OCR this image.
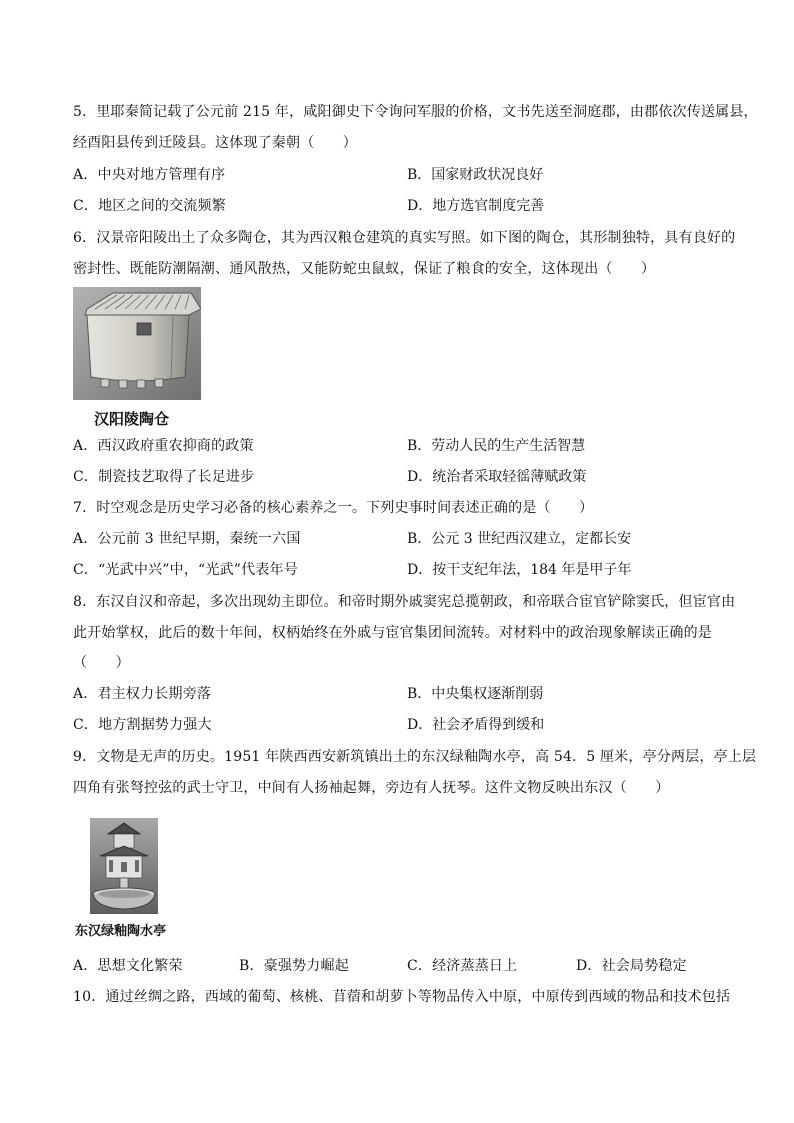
5．里耶秦简记载了公元前 215 年，咸阳御史下令询问军服的价格，文书先送至洞庭郡，由郡依次传送属县，
经酉阳县传到迁陵县。这体现了秦朝（　　）
A．中央对地方管理有序	B．国家财政状况良好
C．地区之间的交流频繁	D．地方选官制度完善
6．汉景帝阳陵出土了众多陶仓，其为西汉粮仓建筑的真实写照。如下图的陶仓，其形制独特，具有良好的
密封性、既能防潮隔潮、通风散热，又能防蛇虫鼠蚁，保证了粮食的安全，这体现出（　　）
汉阳陵陶仓
A．西汉政府重农抑商的政策	B．劳动人民的生产生活智慧
C．制瓷技艺取得了长足进步	D．统治者采取轻徭薄赋政策
7．时空观念是历史学习必备的核心素养之一。下列史事时间表述正确的是（　　）
A．公元前 3 世纪早期，秦统一六国	B．公元 3 世纪西汉建立，定都长安
C．“光武中兴”中，“光武”代表年号	D．按干支纪年法，184 年是甲子年
8．东汉自汉和帝起，多次出现幼主即位。和帝时期外戚窦宪总揽朝政，和帝联合宦官铲除窦氏，但宦官由
此开始掌权，此后的数十年间，权柄始终在外戚与宦官集团间流转。对材料中的政治现象解读正确的是
（　　）
A．君主权力长期旁落	B．中央集权逐渐削弱
C．地方割据势力强大	D．社会矛盾得到缓和
9．文物是无声的历史。1951 年陕西西安新筑镇出土的东汉绿釉陶水亭，高 54．5 厘米，亭分两层，亭上层
四角有张弩控弦的武士守卫，中间有人扬袖起舞，旁边有人抚琴。这件文物反映出东汉（　　）
东汉绿釉陶水亭
A．思想文化繁荣	B．豪强势力崛起	C．经济蒸蒸日上	D．社会局势稳定
10．通过丝绸之路，西域的葡萄、核桃、苜蓿和胡萝卜等物品传入中原，中原传到西域的物品和技术包括
